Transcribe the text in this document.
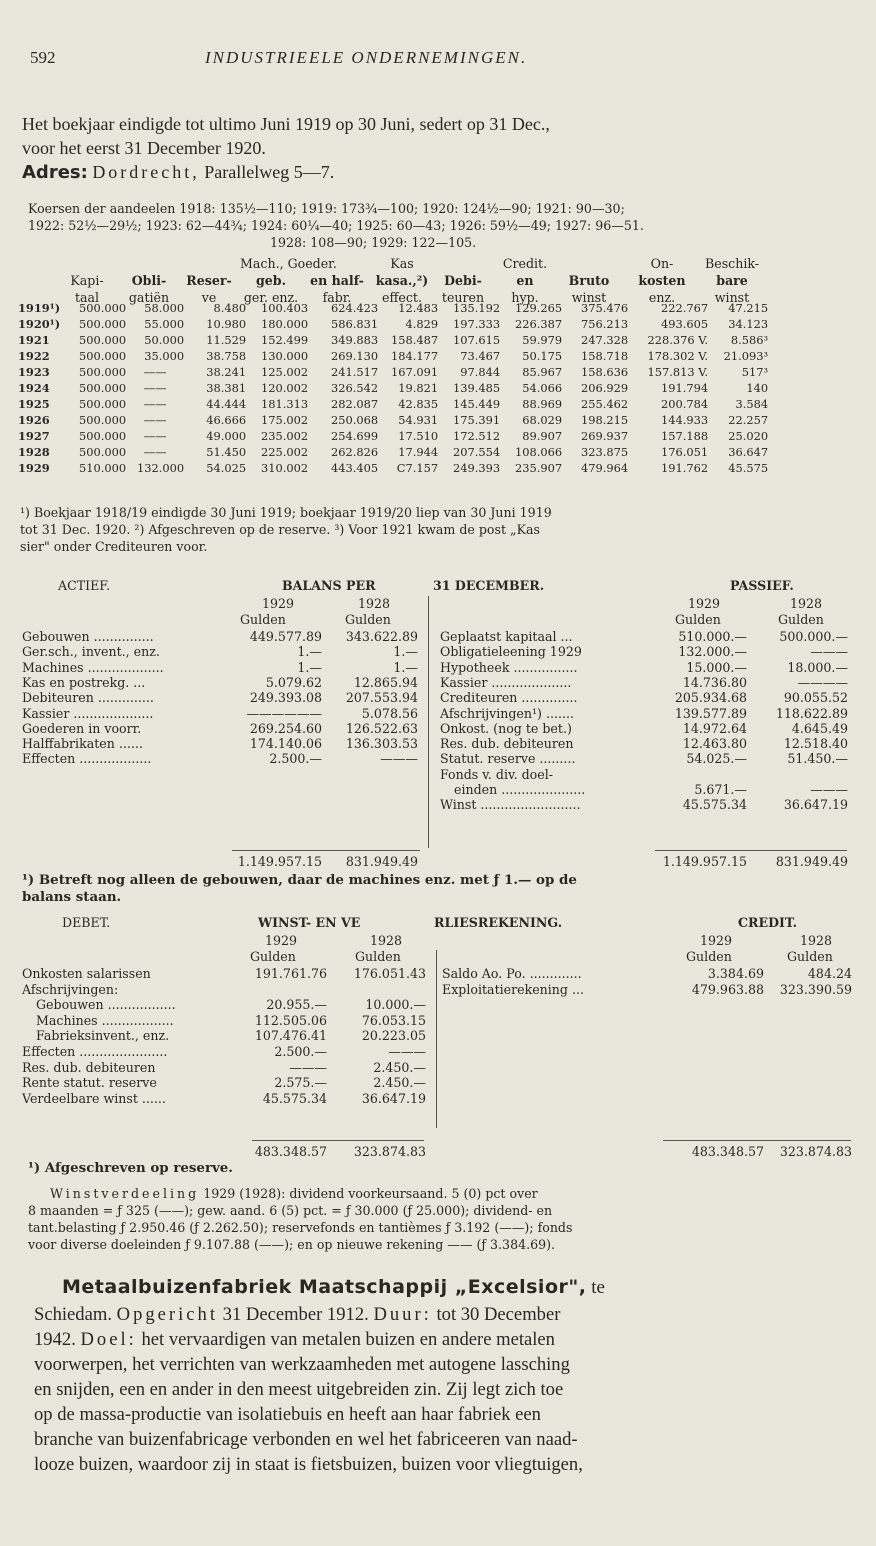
592	INDUSTRIEELE ONDERNEMINGEN.
Het boekjaar eindigde tot ultimo Juni 1919 op 30 Juni, sedert op 31 Dec.,
voor het eerst 31 December 1920.
Adres: Dordrecht, Parallelweg 5—7.
Koersen der aandeelen 1918: 135½—110; 1919: 173¾—100; 1920: 124½—90; 1921: 90—30;
1922: 52½—29½; 1923: 62—44¾; 1924: 60¼—40; 1925: 60—43; 1926: 59½—49; 1927: 96—51.
1928: 108—90; 1929: 122—105.
Mach., Goeder.	Kas	Credit.	On-	Beschik-
Kapi-	Obli-	Reser-	geb.	en half- kasa.,²)	Debi-	en	Bruto	kosten	bare
taal	gatiën	ve	ger. enz.	fabr.	effect.	teuren	hyp.	winst	enz.	winst
1919¹)	500.000	58.000	8.480	100.403	624.423	12.483	135.192	129.265	375.476	222.767	47.215
1920¹)	500.000	55.000	10.980	180.000	586.831	4.829	197.333	226.387	756.213	493.605	34.123
1921	500.000	50.000	11.529	152.499	349.883	158.487	107.615	59.979	247.328	228.376 V.	8.586³
1922	500.000	35.000	38.758	130.000	269.130	184.177	73.467	50.175	158.718	178.302 V.	21.093³
1923	500.000	——	38.241	125.002	241.517	167.091	97.844	85.967	158.636	157.813 V.	517³
1924	500.000	——	38.381	120.002	326.542	19.821	139.485	54.066	206.929	191.794	140
1925	500.000	——	44.444	181.313	282.087	42.835	145.449	88.969	255.462	200.784	3.584
1926	500.000	——	46.666	175.002	250.068	54.931	175.391	68.029	198.215	144.933	22.257
1927	500.000	——	49.000	235.002	254.699	17.510	172.512	89.907	269.937	157.188	25.020
1928	500.000	——	51.450	225.002	262.826	17.944	207.554	108.066	323.875	176.051	36.647
1929	510.000	132.000	54.025	310.002	443.405	C7.157	249.393	235.907	479.964	191.762	45.575
¹) Boekjaar 1918/19 eindigde 30 Juni 1919; boekjaar 1919/20 liep van 30 Juni 1919
tot 31 Dec. 1920. ²) Afgeschreven op de reserve. ³) Voor 1921 kwam de post „Kas
sier" onder Crediteuren voor.
ACTIEF.	BALANS PER	31 DECEMBER.	PASSIEF.
1929	1928	1929	1928
Gulden	Gulden	Gulden	Gulden
Gebouwen ...............	449.577.89	343.622.89
Ger.sch., invent., enz.	1.—	1.—
Machines ...................	1.—	1.—
Kas en postrekg. ...	5.079.62	12.865.94
Debiteuren ..............	249.393.08	207.553.94
Kassier ....................	——————	5.078.56
Goederen in voorr.	269.254.60	126.522.63
Halffabrikaten ......	174.140.06	136.303.53
Effecten ..................	2.500.—	———
Geplaatst kapitaal ...	510.000.—	500.000.—
Obligatieleening 1929	132.000.—	———
Hypotheek ................	15.000.—	18.000.—
Kassier ....................	14.736.80	————
Crediteuren ..............	205.934.68	90.055.52
Afschrijvingen¹) .......	139.577.89	118.622.89
Onkost. (nog te bet.)	14.972.64	4.645.49
Res. dub. debiteuren	12.463.80	12.518.40
Statut. reserve .........	54.025.—	51.450.—
Fonds v. div. doel-
einden .....................	5.671.—	———
Winst .........................	45.575.34	36.647.19
1.149.957.15	831.949.49	1.149.957.15	831.949.49
¹) Betreft nog alleen de gebouwen, daar de machines enz. met ƒ 1.— op de
balans staan.
DEBET.	WINST- EN VE	RLIESREKENING.	CREDIT.
1929	1928	1929	1928
Gulden	Gulden	Gulden	Gulden
Onkosten salarissen	191.761.76	176.051.43
Afschrijvingen:
Gebouwen .................	20.955.—	10.000.—
Machines ..................	112.505.06	76.053.15
Fabrieksinvent., enz.	107.476.41	20.223.05
Effecten ......................	2.500.—	———
Res. dub. debiteuren	———	2.450.—
Rente statut. reserve	2.575.—	2.450.—
Verdeelbare winst ......	45.575.34	36.647.19
Saldo Ao. Po. .............	3.384.69	484.24
Exploitatierekening ...	479.963.88	323.390.59
483.348.57	323.874.83	483.348.57	323.874.83
¹) Afgeschreven op reserve.
Winstverdeeling 1929 (1928): dividend voorkeursaand. 5 (0) pct over
8 maanden = ƒ 325 (——); gew. aand. 6 (5) pct. = ƒ 30.000 (ƒ 25.000); dividend- en
tant.belasting ƒ 2.950.46 (ƒ 2.262.50); reservefonds en tantièmes ƒ 3.192 (——); fonds
voor diverse doeleinden ƒ 9.107.88 (——); en op nieuwe rekening —— (ƒ 3.384.69).
Metaalbuizenfabriek Maatschappij „Excelsior", te
Schiedam. Opgericht 31 December 1912. Duur: tot 30 December
1942. Doel: het vervaardigen van metalen buizen en andere metalen
voorwerpen, het verrichten van werkzaamheden met autogene lassching
en snijden, een en ander in den meest uitgebreiden zin. Zij legt zich toe
op de massa-productie van isolatiebuis en heeft aan haar fabriek een
branche van buizenfabricage verbonden en wel het fabriceeren van naad-
looze buizen, waardoor zij in staat is fietsbuizen, buizen voor vliegtuigen,
